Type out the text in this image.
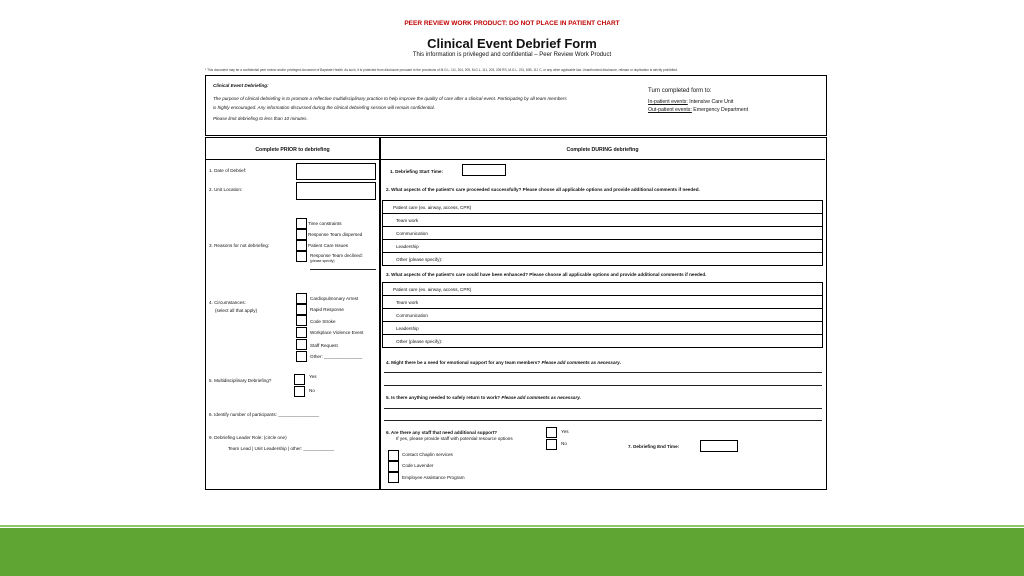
PEER REVIEW WORK PRODUCT: DO NOT PLACE IN PATIENT CHART
Clinical Event Debrief Form
This information is privileged and confidential – Peer Review Work Product
* This document may be a confidential peer review and/or privileged document of Baystate Health. As such, it is protected from disclosure pursuant to the provisions of M.G.L. 111, 204, 205, M.G.L. 111, 203, 205 RS, M.G.L. 231, 60B, 111 C, or any other applicable law. Unauthorized disclosure, release or duplication is strictly prohibited.
Clinical Event Debriefing:
The purpose of clinical debriefing is to promote a reflective multidisciplinary practice to help improve the quality of care after a clinical event. Participating by all team members
is highly encouraged. Any information discussed during the clinical debriefing session will remain confidential.
Please limit debriefing to less than 10 minutes.
Turn completed form to:
In-patient events: Intensive Care Unit
Out-patient events: Emergency Department
Complete PRIOR to debriefing
1. Date of Debrief:
2. Unit Location:
3. Reasons for not debriefing:
Time constraints
Response Team dispersed
Patient Care Issues
Response Team declined:
(please specify)
4. Circumstances:
(select all that apply)
Cardiopulmonary Arrest
Rapid Response
Code Stroke
Workplace Violence Event
Staff Request
Other: _______________
5. Multidisciplinary Debriefing?
Yes
No
6. Identify number of participants: ________________
9. Debriefing Leader Role: (circle one)
Team Lead | Unit Leadership | other: ____________
Complete DURING debriefing
1. Debriefing Start Time:
2. What aspects of the patient's care proceeded successfully? Please choose all applicable options and provide additional comments if needed.
Patient care (ex. airway, access, CPR)
Team work
Communication
Leadership
Other (please specify):
3. What aspects of the patient's care could have been enhanced? Please choose all applicable options and provide additional comments if needed.
Patient care (ex. airway, access, CPR)
Team work
Communication
Leadership
Other (please specify):
4. Might there be a need for emotional support for any team members? Please add comments as necessary.
5. Is there anything needed to safely return to work? Please add comments as necessary.
6. Are there any staff that need additional support?
If yes, please provide staff with potential resource options
Yes
No
Contact Chaplin services
Code Lavender
Employee Assistance Program
7. Debriefing End Time:
